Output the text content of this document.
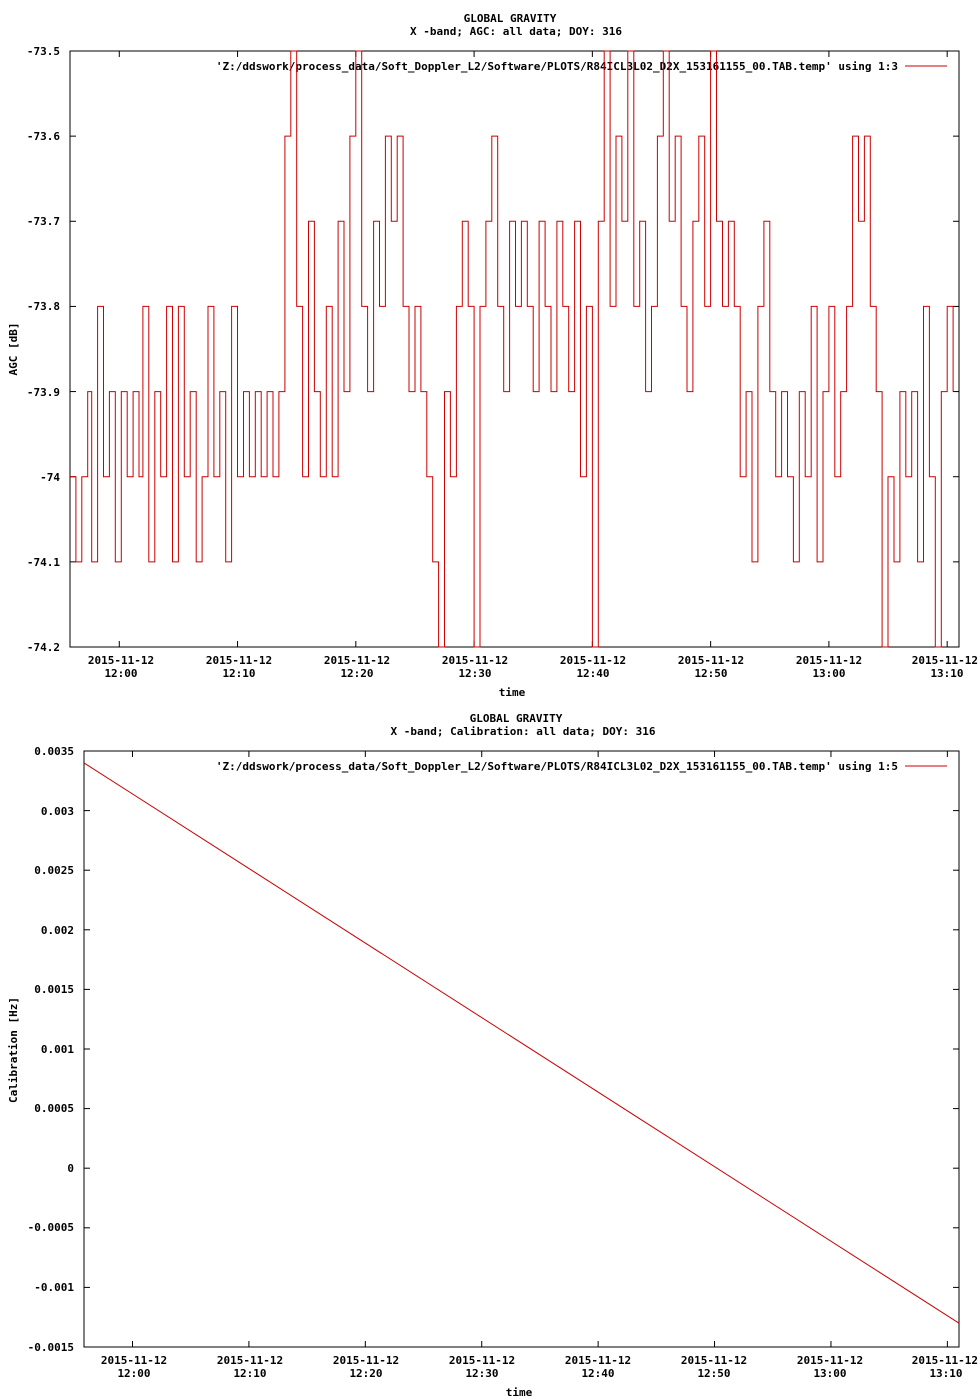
GLOBAL GRAVITY
X -band; AGC: all data; DOY: 316
-73.5
-73.6
-73.7
-73.8
-73.9
-74
-74.1
-74.2
2015-11-12
12:00
2015-11-12
12:10
2015-11-12
12:20
2015-11-12
12:30
2015-11-12
12:40
2015-11-12
12:50
2015-11-12
13:00
2015-11-12
13:10
time
AGC [dB]
'Z:/ddswork/process_data/Soft_Doppler_L2/Software/PLOTS/R84ICL3L02_D2X_153161155_00.TAB.temp' using 1:3
GLOBAL GRAVITY
X -band; Calibration: all data; DOY: 316
0.0035
0.003
0.0025
0.002
0.0015
0.001
0.0005
0
-0.0005
-0.001
-0.0015
2015-11-12
12:00
2015-11-12
12:10
2015-11-12
12:20
2015-11-12
12:30
2015-11-12
12:40
2015-11-12
12:50
2015-11-12
13:00
2015-11-12
13:10
time
Calibration [Hz]
'Z:/ddswork/process_data/Soft_Doppler_L2/Software/PLOTS/R84ICL3L02_D2X_153161155_00.TAB.temp' using 1:5
